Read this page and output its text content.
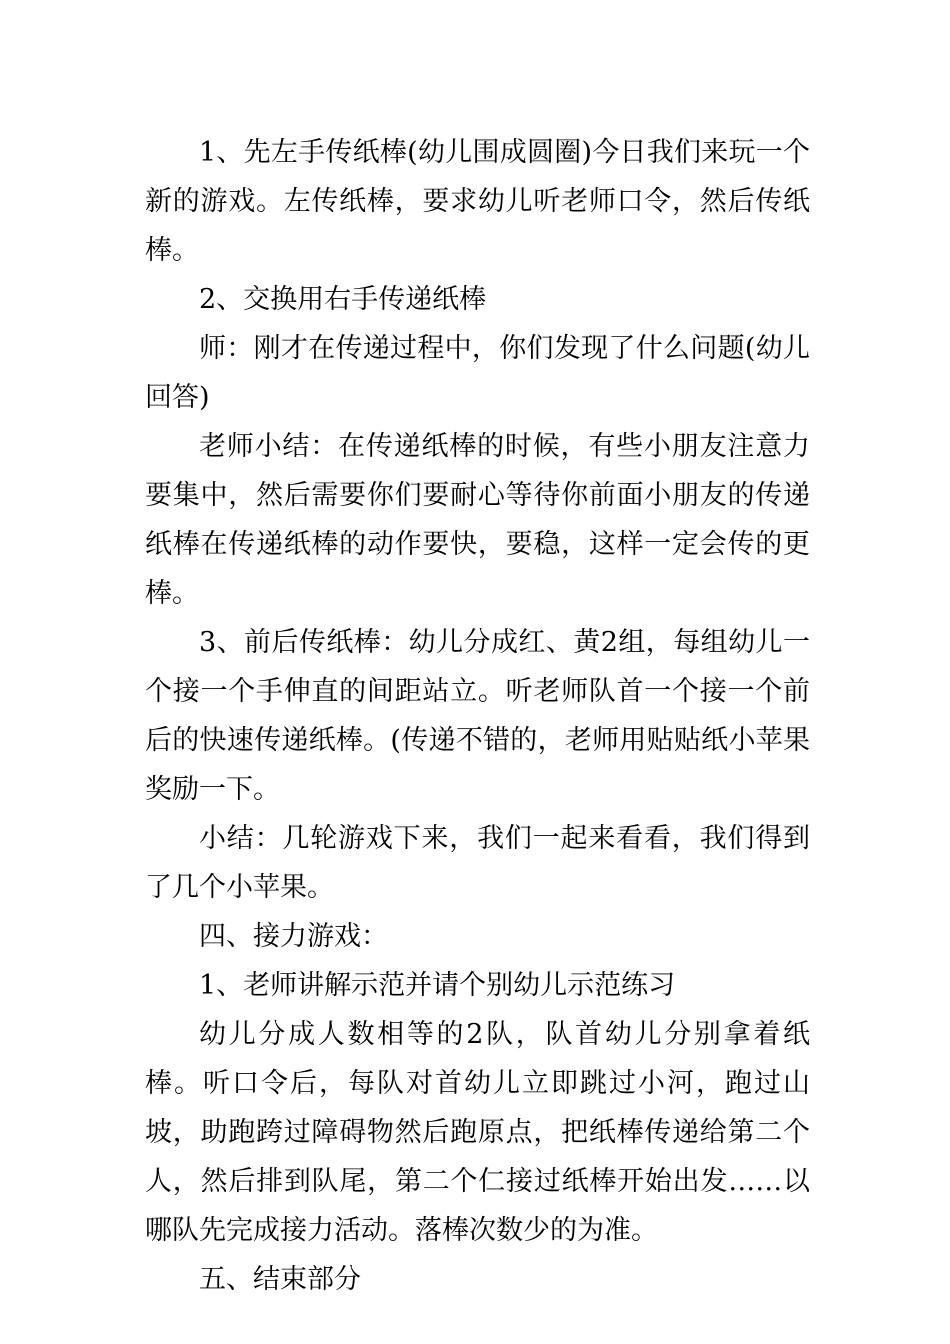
1、先左手传纸棒(幼儿围成圆圈)今日我们来玩一个新的游戏。左传纸棒，要求幼儿听老师口令，然后传纸棒。

2、交换用右手传递纸棒

师：刚才在传递过程中，你们发现了什么问题(幼儿回答)

老师小结：在传递纸棒的时候，有些小朋友注意力要集中，然后需要你们要耐心等待你前面小朋友的传递纸棒在传递纸棒的动作要快，要稳，这样一定会传的更棒。

3、前后传纸棒：幼儿分成红、黄2组，每组幼儿一个接一个手伸直的间距站立。听老师队首一个接一个前后的快速传递纸棒。(传递不错的，老师用贴贴纸小苹果奖励一下。

小结：几轮游戏下来，我们一起来看看，我们得到了几个小苹果。

四、接力游戏：

1、老师讲解示范并请个别幼儿示范练习

幼儿分成人数相等的2队，队首幼儿分别拿着纸棒。听口令后，每队对首幼儿立即跳过小河，跑过山坡，助跑跨过障碍物然后跑原点，把纸棒传递给第二个人，然后排到队尾，第二个仁接过纸棒开始出发……以哪队先完成接力活动。落棒次数少的为准。

五、结束部分
